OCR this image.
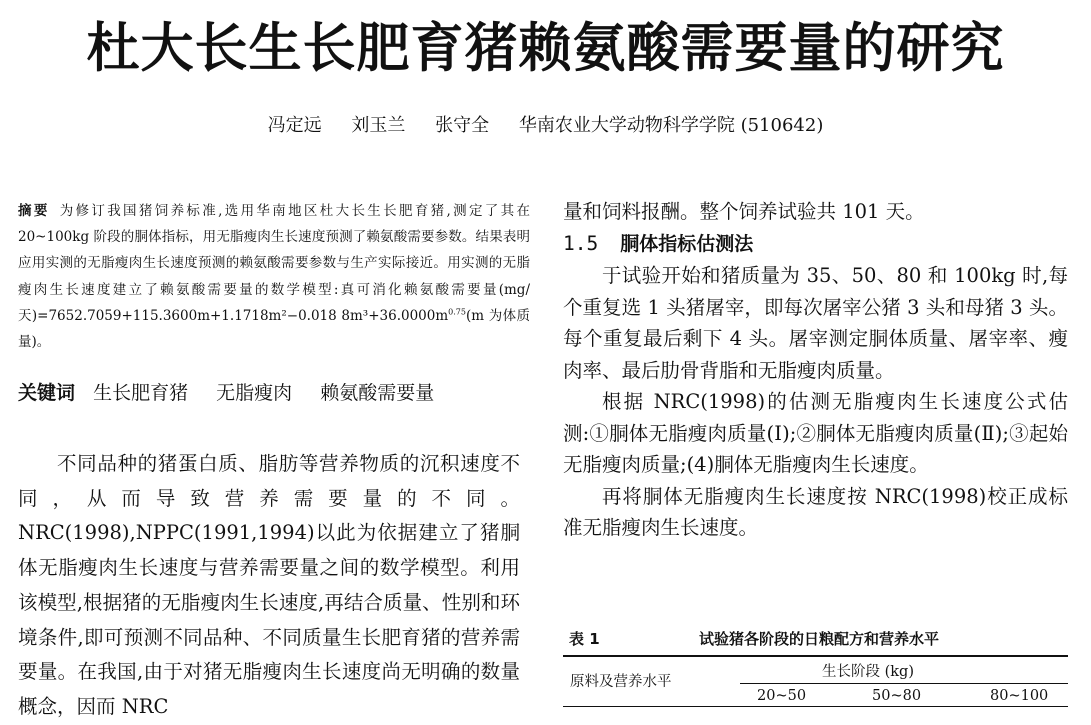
杜大长生长肥育猪赖氨酸需要量的研究
冯定远 刘玉兰 张守全 华南农业大学动物科学学院 (510642)
摘要 为修订我国猪饲养标准,选用华南地区杜大长生长肥育猪,测定了其在 20~100kg 阶段的胴体指标，用无脂瘦肉生长速度预测了赖氨酸需要参数。结果表明应用实测的无脂瘦肉生长速度预测的赖氨酸需要参数与生产实际接近。用实测的无脂瘦肉生长速度建立了赖氨酸需要量的数学模型:真可消化赖氨酸需要量(mg/ 天)=7652.7059+115.3600m+1.1718m²−0.018 $8m^3+36.0000m^{0.75}(m$ 为体质量)。
关键词 生长肥育猪 无脂瘦肉 赖氨酸需要量

不同品种的猪蛋白质、脂肪等营养物质的沉积速度不同，从而导致营养需要量的不同。NRC(1998),NPPC(1991,1994)以此为依据建立了猪胴体无脂瘦肉生长速度与营养需要量之间的数学模型。利用该模型,根据猪的无脂瘦肉生长速度,再结合质量、性别和环境条件,即可预测不同品种、不同质量生长肥育猪的营养需要量。在我国,由于对猪无脂瘦肉生长速度尚无明确的数量概念，因而 NRC

量和饲料报酬。整个饲养试验共 101 天。

1.5 胴体指标估测法

于试验开始和猪质量为 35、50、80 和 100kg 时,每个重复选 1 头猪屠宰，即每次屠宰公猪 3 头和母猪 3 头。每个重复最后剩下 4 头。屠宰测定胴体质量、屠宰率、瘦肉率、最后肋骨背脂和无脂瘦肉质量。

根据 NRC(1998)的估测无脂瘦肉生长速度公式估测:①胴体无脂瘦肉质量(Ⅰ);②胴体无脂瘦肉质量(Ⅱ);③起始无脂瘦肉质量;(4)胴体无脂瘦肉生长速度。

再将胴体无脂瘦肉生长速度按 NRC(1998)校正成标准无脂瘦肉生长速度。

表 1	试验猪各阶段的日粮配方和营养水平
原料及营养水平
生长阶段 (kg)
20~50	50~80	80~100
